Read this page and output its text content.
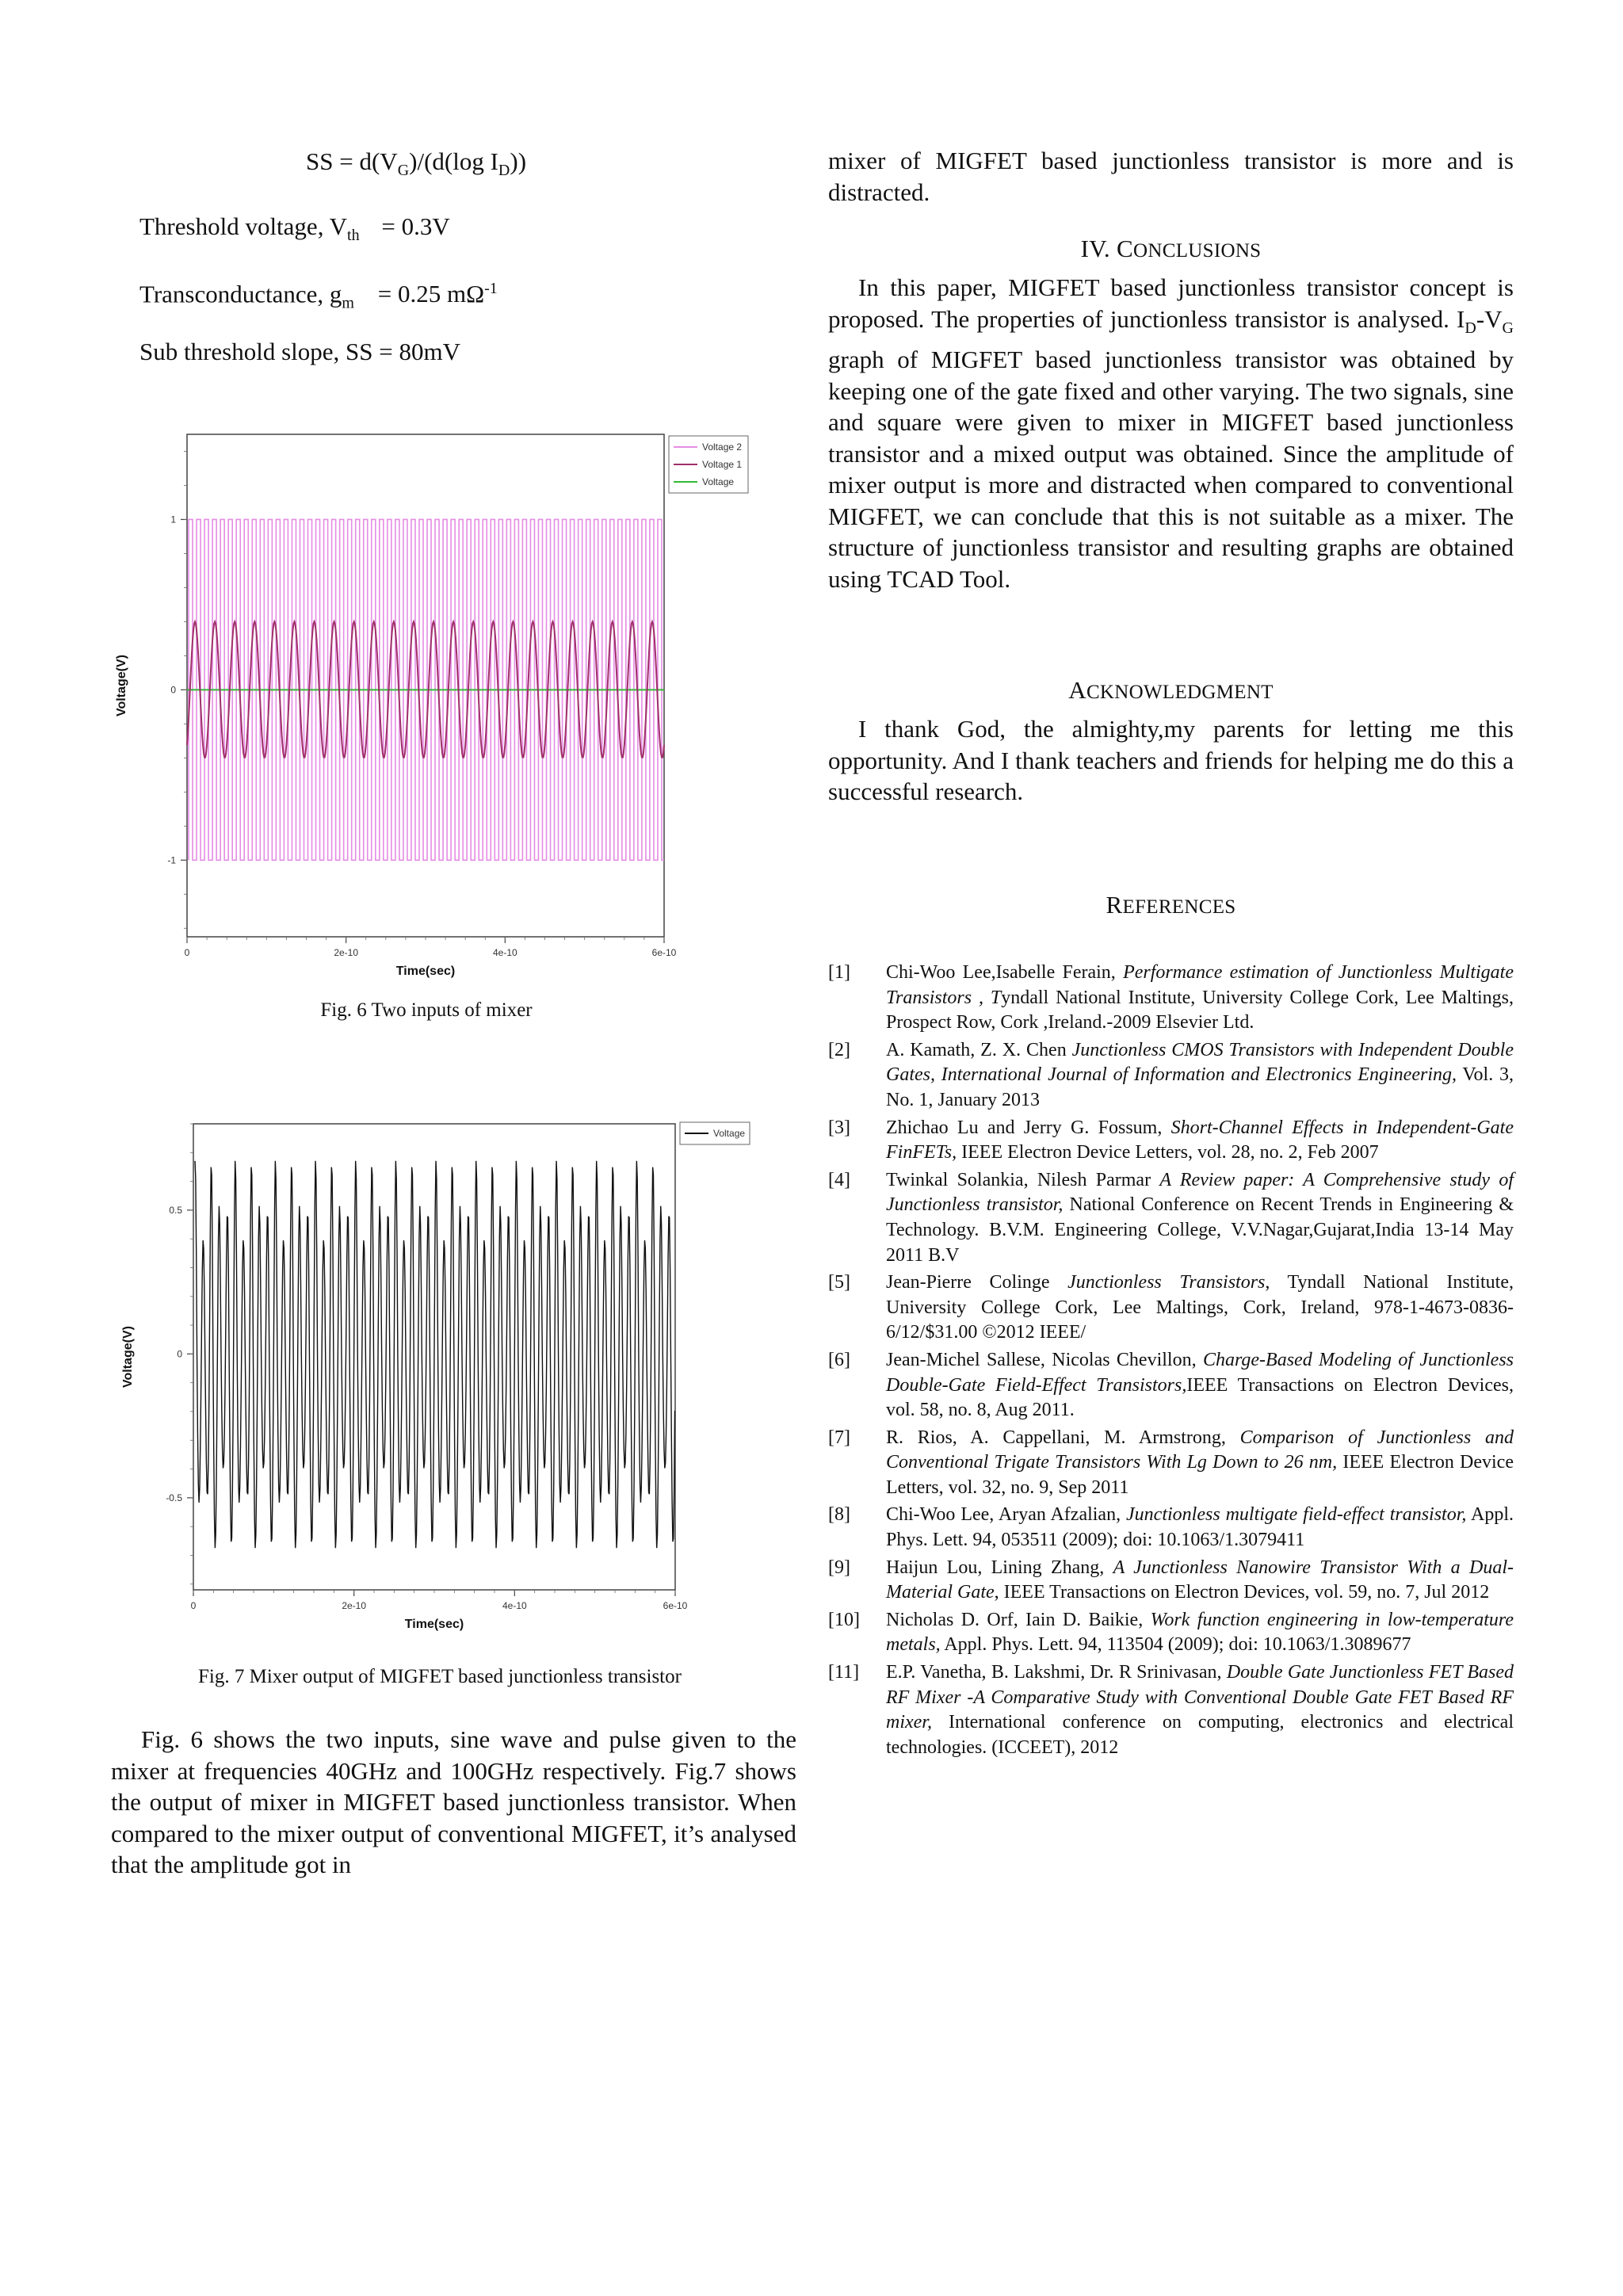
SS = $d(V_G)/(d(\log$ $I_D$))
Threshold voltage, $V_{th} = 0.3V$
Transconductance, $g_m = 0.25$ $m\Omega^{-1}$
Sub threshold slope, SS = 80mV
0	2e-10	4e-10	6e-10
-1
0
1
Time(sec)
Voltage(V)
Voltage 2
Voltage 1
Voltage
Fig. 6 Two inputs of mixer
0	2e-10	4e-10	6e-10
-0.5
0
0.5
Time(sec)
Voltage(V)
Voltage
Fig. 7 Mixer output of MIGFET based junctionless transistor
Fig. 6 shows the two inputs, sine wave and pulse given to the mixer at frequencies 40GHz and 100GHz respectively. Fig.7 shows the output of mixer in MIGFET based junctionless transistor. When compared to the mixer output of conventional MIGFET, it’s analysed that the amplitude got in
mixer of MIGFET based junctionless transistor is more and is distracted.
IV. CONCLUSIONS
In this paper, MIGFET based junctionless transistor concept is proposed. The properties of junctionless transistor is analysed. $I_D-V_G$ graph of MIGFET based junctionless transistor was obtained by keeping one of the gate fixed and other varying. The two signals, sine and square were given to mixer in MIGFET based junctionless transistor and a mixed output was obtained. Since the amplitude of mixer output is more and distracted when compared to conventional MIGFET, we can conclude that this is not suitable as a mixer. The structure of junctionless transistor and resulting graphs are obtained using TCAD Tool.
ACKNOWLEDGMENT
I thank God, the almighty,my parents for letting me this opportunity. And I thank teachers and friends for helping me do this a successful research.
REFERENCES
[1]	Chi-Woo Lee,Isabelle Ferain, Performance estimation of Junctionless Multigate Transistors , Tyndall National Institute, University College Cork, Lee Maltings, Prospect Row, Cork ,Ireland.-2009 Elsevier Ltd.
[2]	A. Kamath, Z. X. Chen Junctionless CMOS Transistors with Independent Double Gates, International Journal of Information and Electronics Engineering, Vol. 3, No. 1, January 2013
[3]	Zhichao Lu and Jerry G. Fossum, Short-Channel Effects in Independent-Gate FinFETs, IEEE Electron Device Letters, vol. 28, no. 2, Feb 2007
[4]	Twinkal Solankia, Nilesh Parmar A Review paper: A Comprehensive study of Junctionless transistor, National Conference on Recent Trends in Engineering & Technology. B.V.M. Engineering College, V.V.Nagar,Gujarat,India 13-14 May 2011 B.V
[5]	Jean-Pierre Colinge Junctionless Transistors, Tyndall National Institute, University College Cork, Lee Maltings, Cork, Ireland, 978-1-4673-0836-6/12/$31.00 ©2012 IEEE/
[6]	Jean-Michel Sallese, Nicolas Chevillon, Charge-Based Modeling of Junctionless Double-Gate Field-Effect Transistors,IEEE Transactions on Electron Devices, vol. 58, no. 8, Aug 2011.
[7]	R. Rios, A. Cappellani, M. Armstrong, Comparison of Junctionless and Conventional Trigate Transistors With Lg Down to 26 nm, IEEE Electron Device Letters, vol. 32, no. 9, Sep 2011
[8]	Chi-Woo Lee, Aryan Afzalian, Junctionless multigate field-effect transistor, Appl. Phys. Lett. 94, 053511 (2009); doi: 10.1063/1.3079411
[9]	Haijun Lou, Lining Zhang, A Junctionless Nanowire Transistor With a Dual-Material Gate, IEEE Transactions on Electron Devices, vol. 59, no. 7, Jul 2012
[10]	Nicholas D. Orf, Iain D. Baikie, Work function engineering in low-temperature metals, Appl. Phys. Lett. 94, 113504 (2009); doi: 10.1063/1.3089677
[11]	E.P. Vanetha, B. Lakshmi, Dr. R Srinivasan, Double Gate Junctionless FET Based RF Mixer -A Comparative Study with Conventional Double Gate FET Based RF mixer, International conference on computing, electronics and electrical technologies. (ICCEET), 2012
